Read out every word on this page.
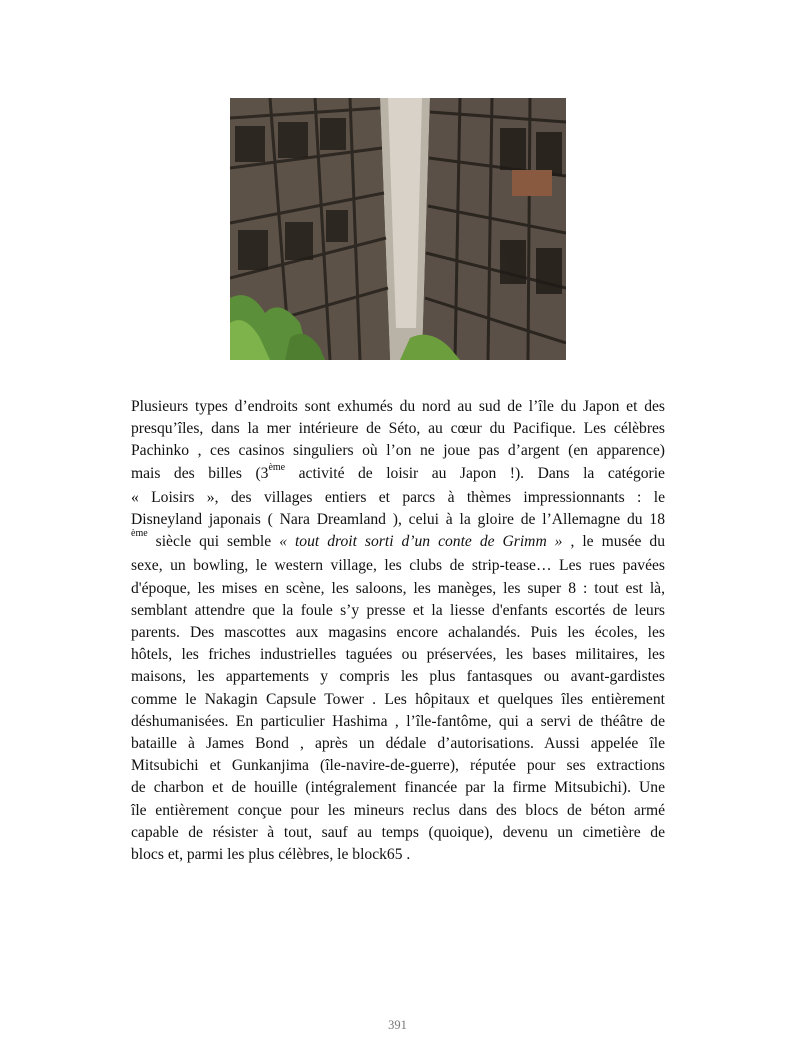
Plusieurs types d’endroits sont exhumés du nord au sud de l’île du Japon et des
presqu’îles, dans la mer intérieure de Séto, au cœur du Pacifique. Les célèbres
Pachinko , ces casinos singuliers où l’on ne joue pas d’argent (en apparence)
mais des billes (3ème activité de loisir au Japon !). Dans la catégorie
« Loisirs », des villages entiers et parcs à thèmes impressionnants : le
Disneyland japonais ( Nara Dreamland ), celui à la gloire de l’Allemagne du 18
$^{ème}$ siècle qui semble « tout droit sorti d’un conte de Grimm » , le musée du
sexe, un bowling, le western village, les clubs de strip-tease… Les rues pavées
d'époque, les mises en scène, les saloons, les manèges, les super 8 : tout est là,
semblant attendre que la foule s’y presse et la liesse d'enfants escortés de leurs
parents. Des mascottes aux magasins encore achalandés. Puis les écoles, les
hôtels, les friches industrielles taguées ou préservées, les bases militaires, les
maisons, les appartements y compris les plus fantasques ou avant-gardistes
comme le Nakagin Capsule Tower . Les hôpitaux et quelques îles entièrement
déshumanisées. En particulier Hashima , l’île-fantôme, qui a servi de théâtre de
bataille à James Bond , après un dédale d’autorisations. Aussi appelée île
Mitsubichi et Gunkanjima (île-navire-de-guerre), réputée pour ses extractions
de charbon et de houille (intégralement financée par la firme Mitsubichi). Une
île entièrement conçue pour les mineurs reclus dans des blocs de béton armé
capable de résister à tout, sauf au temps (quoique), devenu un cimetière de
blocs et, parmi les plus célèbres, le block65 .
391
